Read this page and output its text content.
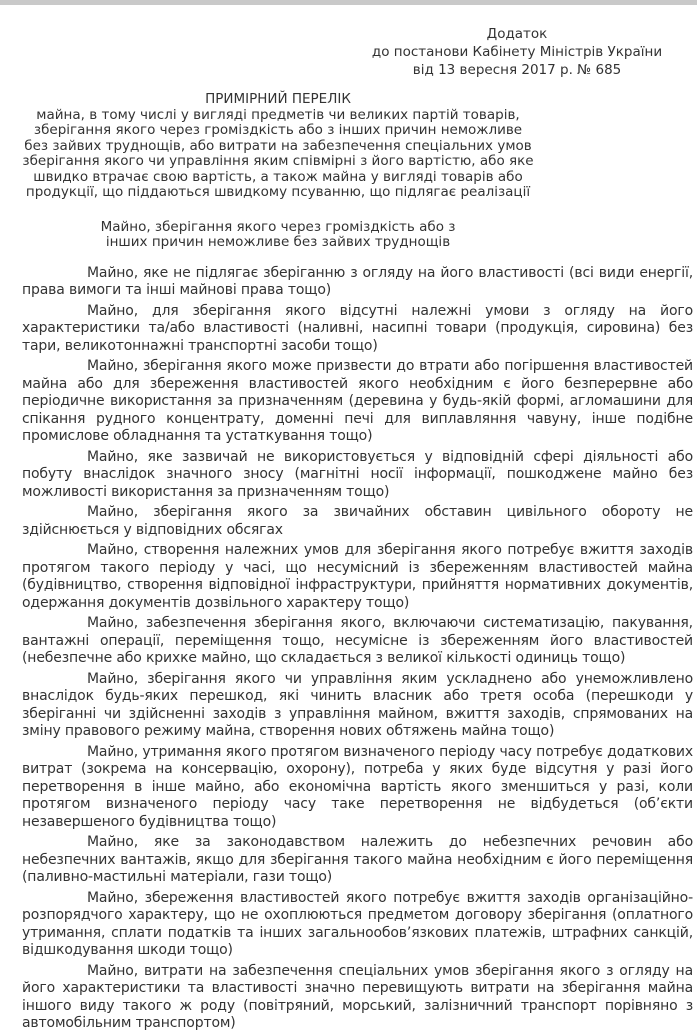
Додаток
до постанови Кабінету Міністрів України
від 13 вересня 2017 р. № 685
ПРИМІРНИЙ ПЕРЕЛІК
майна, в тому числі у вигляді предметів чи великих партій товарів,
зберігання якого через громіздкість або з інших причин неможливе
без зайвих труднощів, або витрати на забезпечення спеціальних умов
зберігання якого чи управління яким співмірні з його вартістю, або яке
швидко втрачає свою вартість, а також майна у вигляді товарів або
продукції, що піддаються швидкому псуванню, що підлягає реалізації
Майно, зберігання якого через громіздкість або з
інших причин неможливе без зайвих труднощів

Майно, яке не підлягає зберіганню з огляду на його властивості (всі види енергії, права вимоги та інші майнові права тощо)

Майно, для зберігання якого відсутні належні умови з огляду на його характеристики та/або властивості (наливні, насипні товари (продукція, сировина) без тари, великотоннажні транспортні засоби тощо)

Майно, зберігання якого може призвести до втрати або погіршення властивостей майна або для збереження властивостей якого необхідним є його безперервне або періодичне використання за призначенням (деревина у будь-якій формі, агломашини для спікання рудного концентрату, доменні печі для виплавляння чавуну, інше подібне промислове обладнання та устаткування тощо)

Майно, яке зазвичай не використовується у відповідній сфері діяльності або побуту внаслідок значного зносу (магнітні носії інформації, пошкоджене майно без можливості використання за призначенням тощо)

Майно, зберігання якого за звичайних обставин цивільного обороту не здійснюється у відповідних обсягах

Майно, створення належних умов для зберігання якого потребує вжиття заходів протягом такого періоду у часі, що несумісний із збереженням властивостей майна (будівництво, створення відповідної інфраструктури, прийняття нормативних документів, одержання документів дозвільного характеру тощо)

Майно, забезпечення зберігання якого, включаючи систематизацію, пакування, вантажні операції, переміщення тощо, несумісне із збереженням його властивостей (небезпечне або крихке майно, що складається з великої кількості одиниць тощо)

Майно, зберігання якого чи управління яким ускладнено або унеможливлено внаслідок будь-яких перешкод, які чинить власник або третя особа (перешкоди у зберіганні чи здійсненні заходів з управління майном, вжиття заходів, спрямованих на зміну правового режиму майна, створення нових обтяжень майна тощо)

Майно, утримання якого протягом визначеного періоду часу потребує додаткових витрат (зокрема на консервацію, охорону), потреба у яких буде відсутня у разі його перетворення в інше майно, або економічна вартість якого зменшиться у разі, коли протягом визначеного періоду часу таке перетворення не відбудеться (об’єкти незавершеного будівництва тощо)

Майно, яке за законодавством належить до небезпечних речовин або небезпечних вантажів, якщо для зберігання такого майна необхідним є його переміщення (паливно-мастильні матеріали, гази тощо)

Майно, збереження властивостей якого потребує вжиття заходів організаційно-розпорядчого характеру, що не охоплюються предметом договору зберігання (оплатного утримання, сплати податків та інших загальнообов’язкових платежів, штрафних санкцій, відшкодування шкоди тощо)

Майно, витрати на забезпечення спеціальних умов зберігання якого з огляду на його характеристики та властивості значно перевищують витрати на зберігання майна іншого виду такого ж роду (повітряний, морський, залізничний транспорт порівняно з автомобільним транспортом)
